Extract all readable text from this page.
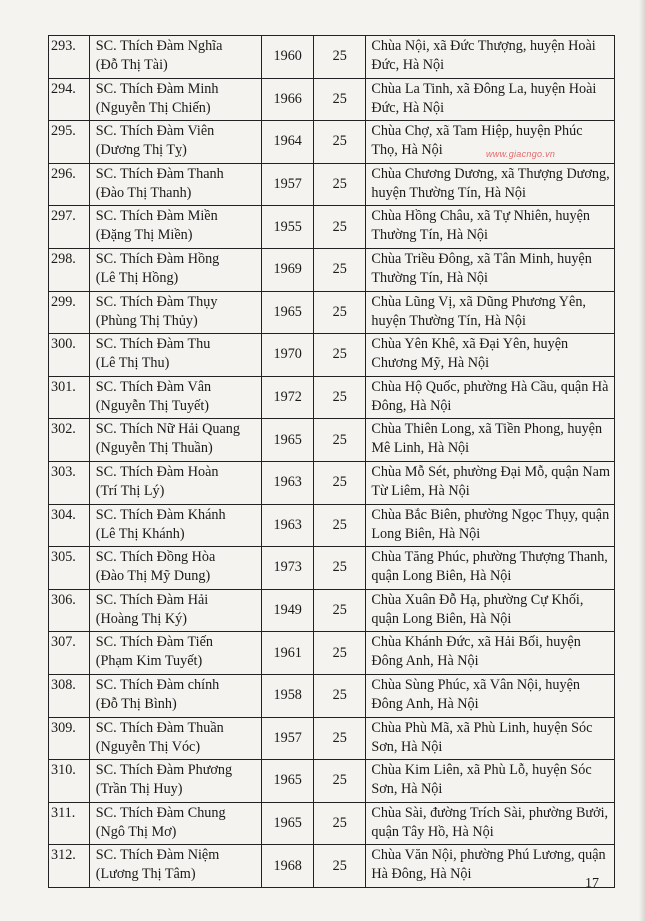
293.	SC. Thích Đàm Nghĩa
(Đỗ Thị Tài)	1960	25	Chùa Nội, xã Đức Thượng, huyện Hoài
Đức, Hà Nội

294.	SC. Thích Đàm Minh
(Nguyễn Thị Chiến)	1966	25	Chùa La Tinh, xã Đông La, huyện Hoài
Đức, Hà Nội

295.	SC. Thích Đàm Viên
(Dương Thị Tỵ)	1964	25	Chùa Chợ, xã Tam Hiệp, huyện Phúc
Thọ, Hà Nội

296.	SC. Thích Đàm Thanh
(Đào Thị Thanh)	1957	25	Chùa Chương Dương, xã Thượng Dương,
huyện Thường Tín, Hà Nội

297.	SC. Thích Đàm Miền
(Đặng Thị Miền)	1955	25	Chùa Hồng Châu, xã Tự Nhiên, huyện
Thường Tín, Hà Nội

298.	SC. Thích Đàm Hồng
(Lê Thị Hồng)	1969	25	Chùa Triều Đông, xã Tân Minh, huyện
Thường Tín, Hà Nội

299.	SC. Thích Đàm Thụy
(Phùng Thị Thủy)	1965	25	Chùa Lũng Vị, xã Dũng Phương Yên,
huyện Thường Tín, Hà Nội

300.	SC. Thích Đàm Thu
(Lê Thị Thu)	1970	25	Chùa Yên Khê, xã Đại Yên, huyện
Chương Mỹ, Hà Nội

301.	SC. Thích Đàm Vân
(Nguyễn Thị Tuyết)	1972	25	Chùa Hộ Quốc, phường Hà Cầu, quận Hà
Đông, Hà Nội

302.	SC. Thích Nữ Hải Quang
(Nguyễn Thị Thuần)	1965	25	Chùa Thiên Long, xã Tiền Phong, huyện
Mê Linh, Hà Nội

303.	SC. Thích Đàm Hoàn
(Trí Thị Lý)	1963	25	Chùa Mỗ Sét, phường Đại Mỗ, quận Nam
Từ Liêm, Hà Nội

304.	SC. Thích Đàm Khánh
(Lê Thị Khánh)	1963	25	Chùa Bắc Biên, phường Ngọc Thụy, quận
Long Biên, Hà Nội

305.	SC. Thích Đồng Hòa
(Đào Thị Mỹ Dung)	1973	25	Chùa Tăng Phúc, phường Thượng Thanh,
quận Long Biên, Hà Nội

306.	SC. Thích Đàm Hải
(Hoàng Thị Ký)	1949	25	Chùa Xuân Đỗ Hạ, phường Cự Khối,
quận Long Biên, Hà Nội

307.	SC. Thích Đàm Tiến
(Phạm Kim Tuyết)	1961	25	Chùa Khánh Đức, xã Hải Bối, huyện
Đông Anh, Hà Nội

308.	SC. Thích Đàm chính
(Đỗ Thị Bình)	1958	25	Chùa Sùng Phúc, xã Vân Nội, huyện
Đông Anh, Hà Nội

309.	SC. Thích Đàm Thuần
(Nguyễn Thị Vóc)	1957	25	Chùa Phù Mã, xã Phù Linh, huyện Sóc
Sơn, Hà Nội

310.	SC. Thích Đàm Phương
(Trần Thị Huy)	1965	25	Chùa Kim Liên, xã Phù Lỗ, huyện Sóc
Sơn, Hà Nội

311.	SC. Thích Đàm Chung
(Ngô Thị Mơ)	1965	25	Chùa Sài, đường Trích Sài, phường Bưởi,
quận Tây Hồ, Hà Nội

312.	SC. Thích Đàm Niệm
(Lương Thị Tâm)	1968	25	Chùa Văn Nội, phường Phú Lương, quận
Hà Đông, Hà Nội
www.giacngo.vn
17
